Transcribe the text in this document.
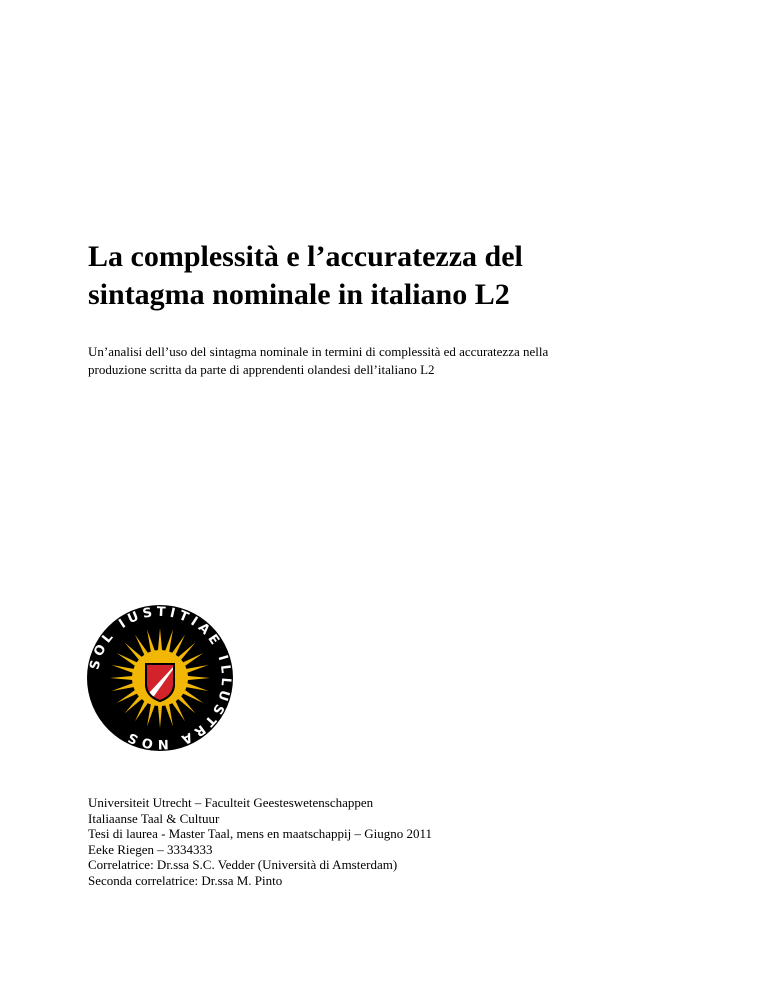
La complessità e l’accuratezza del
sintagma nominale in italiano L2
Un’analisi dell’uso del sintagma nominale in termini di complessità ed accuratezza nella
produzione scritta da parte di apprendenti olandesi dell’italiano L2
SOL IUSTITIAE ILLUSTRA NOS
Universiteit Utrecht – Faculteit Geesteswetenschappen
Italiaanse Taal & Cultuur
Tesi di laurea - Master Taal, mens en maatschappij – Giugno 2011
Eeke Riegen – 3334333
Correlatrice: Dr.ssa S.C. Vedder (Università di Amsterdam)
Seconda correlatrice: Dr.ssa M. Pinto
